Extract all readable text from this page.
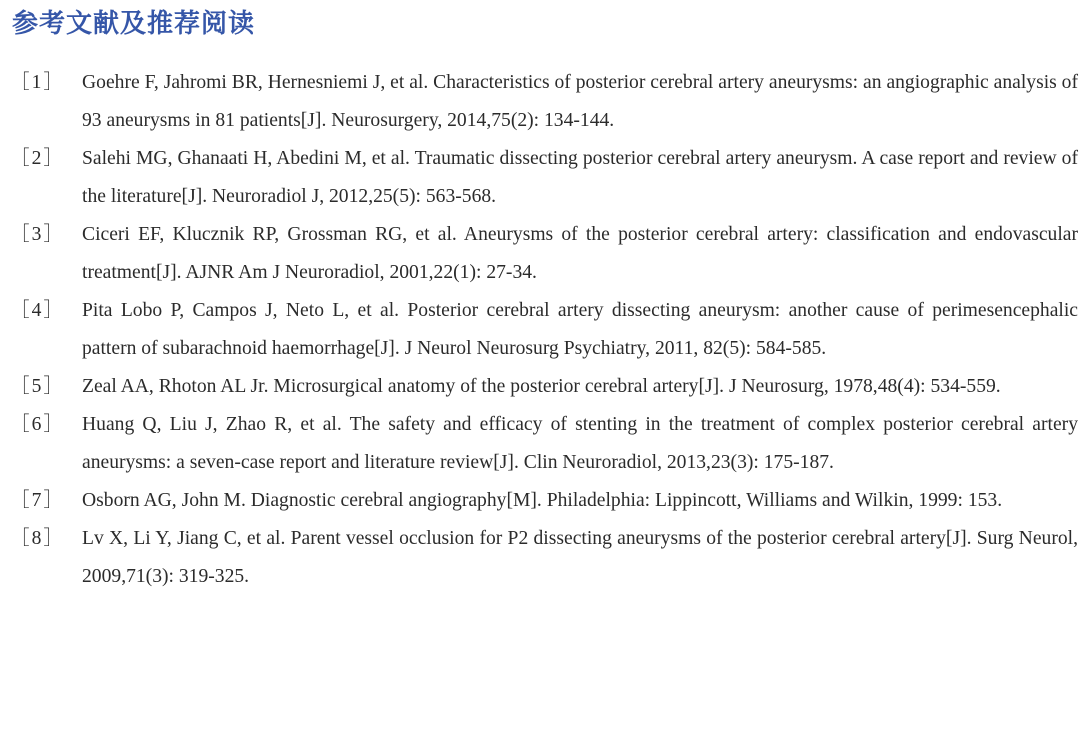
参考文献及推荐阅读
［1］ Goehre F, Jahromi BR, Hernesniemi J, et al. Characteristics of posterior cerebral artery aneurysms: an angiographic analysis of 93 aneurysms in 81 patients[J]. Neurosurgery, 2014,75(2): 134-144.
［2］ Salehi MG, Ghanaati H, Abedini M, et al. Traumatic dissecting posterior cerebral artery aneurysm. A case report and review of the literature[J]. Neuroradiol J, 2012,25(5): 563-568.
［3］ Ciceri EF, Klucznik RP, Grossman RG, et al. Aneurysms of the posterior cerebral artery: classification and endovascular treatment[J]. AJNR Am J Neuroradiol, 2001,22(1): 27-34.
［4］ Pita Lobo P, Campos J, Neto L, et al. Posterior cerebral artery dissecting aneurysm: another cause of perimesencephalic pattern of subarachnoid haemorrhage[J]. J Neurol Neurosurg Psychiatry, 2011, 82(5): 584-585.
［5］ Zeal AA, Rhoton AL Jr. Microsurgical anatomy of the posterior cerebral artery[J]. J Neurosurg, 1978,48(4): 534-559.
［6］ Huang Q, Liu J, Zhao R, et al. The safety and efficacy of stenting in the treatment of complex posterior cerebral artery aneurysms: a seven-case report and literature review[J]. Clin Neuroradiol, 2013,23(3): 175-187.
［7］ Osborn AG, John M. Diagnostic cerebral angiography[M]. Philadelphia: Lippincott, Williams and Wilkin, 1999: 153.
［8］ Lv X, Li Y, Jiang C, et al. Parent vessel occlusion for P2 dissecting aneurysms of the posterior cerebral artery[J]. Surg Neurol, 2009,71(3): 319-325.
